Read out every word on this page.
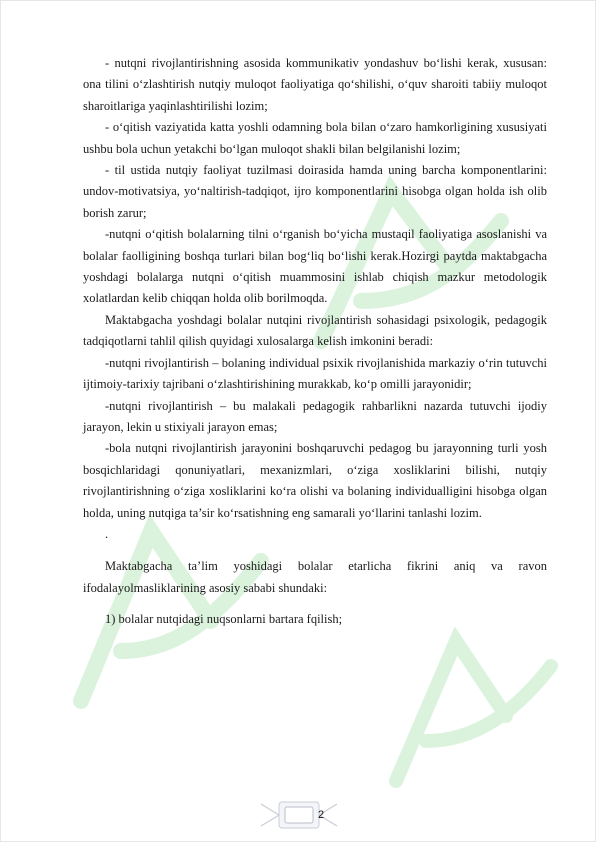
- nutqni rivojlantirishning asosida kommunikativ yondashuv bo‘lishi kerak, xususan: ona tilini o‘zlashtirish nutqiy muloqot faoliyatiga qo‘shilishi, o‘quv sharoiti tabiiy muloqot sharoitlariga yaqinlashtirilishi lozim;

- o‘qitish vaziyatida katta yoshli odamning bola bilan o‘zaro hamkorligining xususiyati ushbu bola uchun yetakchi bo‘lgan muloqot shakli bilan belgilanishi lozim;

- til ustida nutqiy faoliyat tuzilmasi doirasida hamda uning barcha komponentlarini: undov-motivatsiya, yo‘naltirish-tadqiqot, ijro komponentlarini hisobga olgan holda ish olib borish zarur;

-nutqni o‘qitish bolalarning tilni o‘rganish bo‘yicha mustaqil faoliyatiga asoslanishi va bolalar faolligining boshqa turlari bilan bog‘liq bo‘lishi kerak.Hozirgi paytda maktabgacha yoshdagi bolalarga nutqni o‘qitish muammosini ishlab chiqish mazkur metodologik xolatlardan kelib chiqqan holda olib borilmoqda.

Maktabgacha yoshdagi bolalar nutqini rivojlantirish sohasidagi psixologik, pedagogik tadqiqotlarni tahlil qilish quyidagi xulosalarga kelish imkonini beradi:

-nutqni rivojlantirish – bolaning individual psixik rivojlanishida markaziy o‘rin tutuvchi ijtimoiy-tarixiy tajribani o‘zlashtirishining murakkab, ko‘p omilli jarayonidir;

-nutqni rivojlantirish – bu malakali pedagogik rahbarlikni nazarda tutuvchi ijodiy jarayon, lekin u stixiyali jarayon emas;

-bola nutqni rivojlantirish jarayonini boshqaruvchi pedagog bu jarayonning turli yosh bosqichlaridagi qonuniyatlari, mexanizmlari, o‘ziga xosliklarini bilishi, nutqiy rivojlantirishning o‘ziga xosliklarini ko‘ra olishi va bolaning individualligini hisobga olgan holda, uning nutqiga ta’sir ko‘rsatishning eng samarali yo‘llarini tanlashi lozim.

.

Maktabgacha ta’lim yoshidagi bolalar etarlicha fikrini aniq va ravon ifodalayolmasliklarining asosiy sababi shundaki:

1) bolalar nutqidagi nuqsonlarni bartara fqilish;

2
